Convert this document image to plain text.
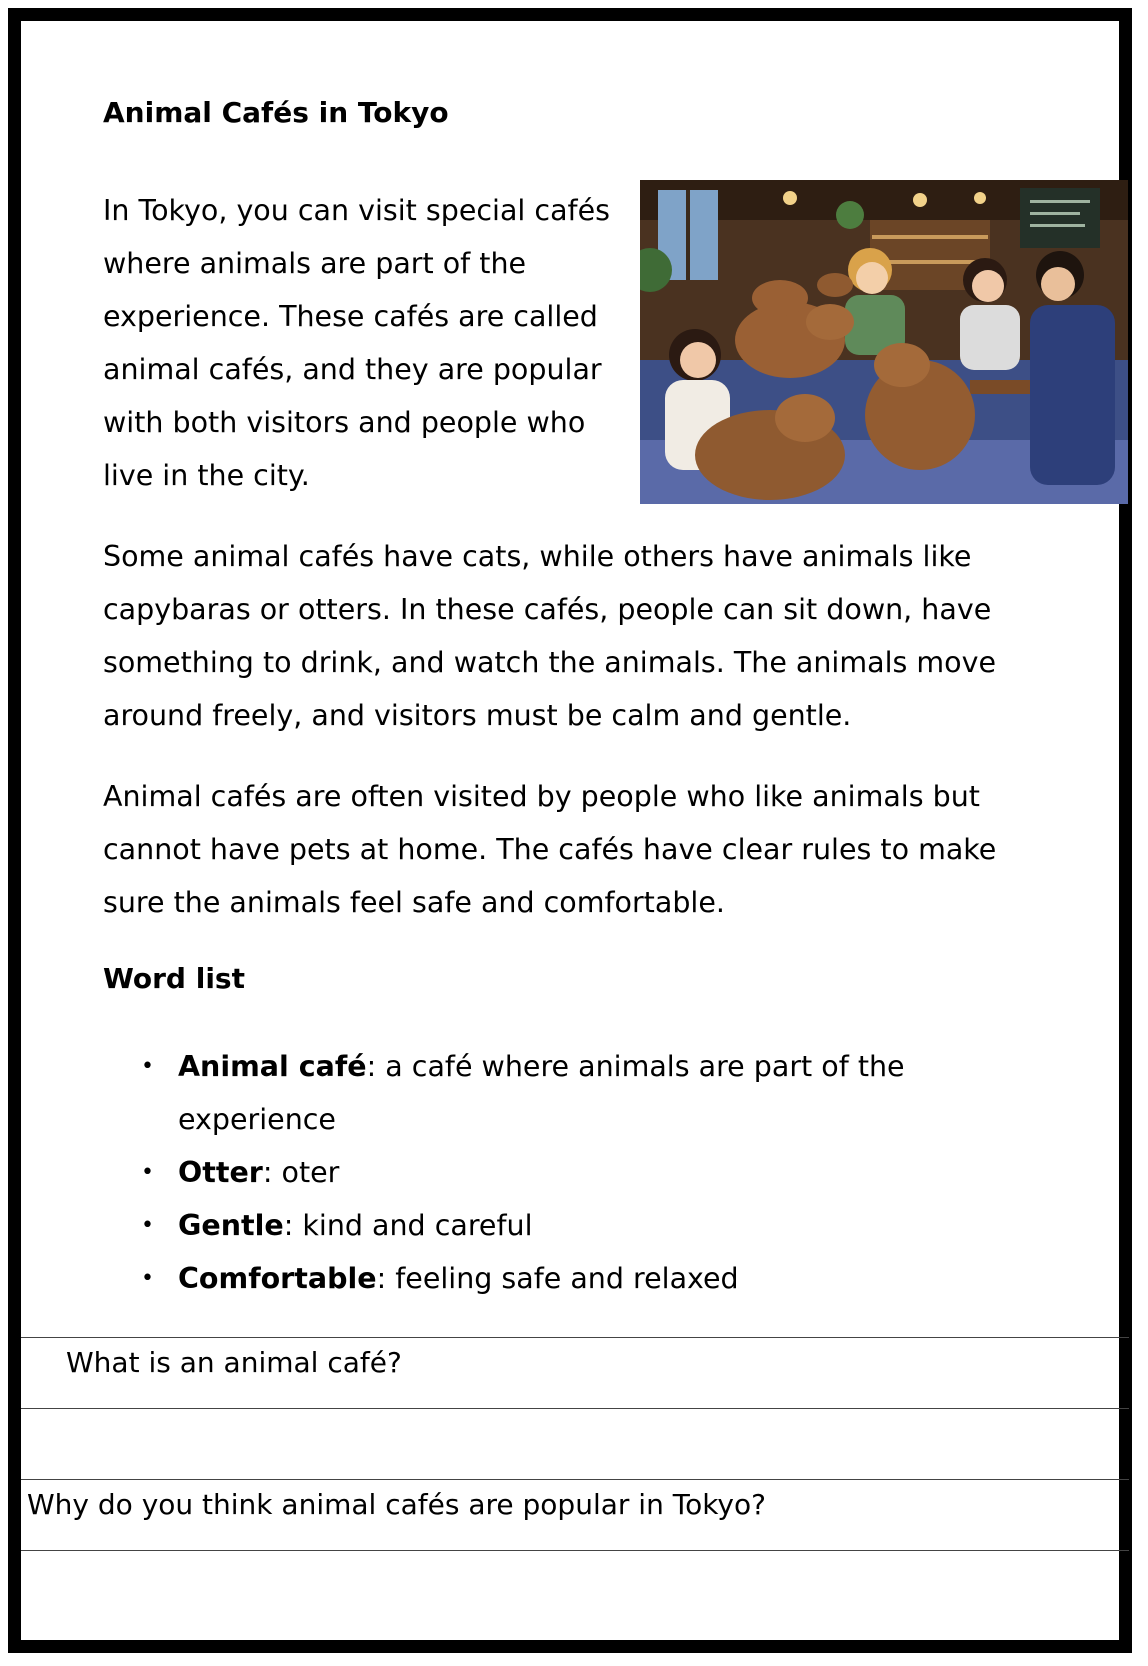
Animal Cafés in Tokyo

In Tokyo, you can visit special cafés where animals are part of the experience. These cafés are called animal cafés, and they are popular with both visitors and people who live in the city.

Some animal cafés have cats, while others have animals like capybaras or otters. In these cafés, people can sit down, have something to drink, and watch the animals. The animals move around freely, and visitors must be calm and gentle.

Animal cafés are often visited by people who like animals but cannot have pets at home. The cafés have clear rules to make sure the animals feel safe and comfortable.

Word list
• Animal café: a café where animals are part of the experience
• Otter: oter
• Gentle: kind and careful
• Comfortable: feeling safe and relaxed
What is an animal café?
Why do you think animal cafés are popular in Tokyo?
